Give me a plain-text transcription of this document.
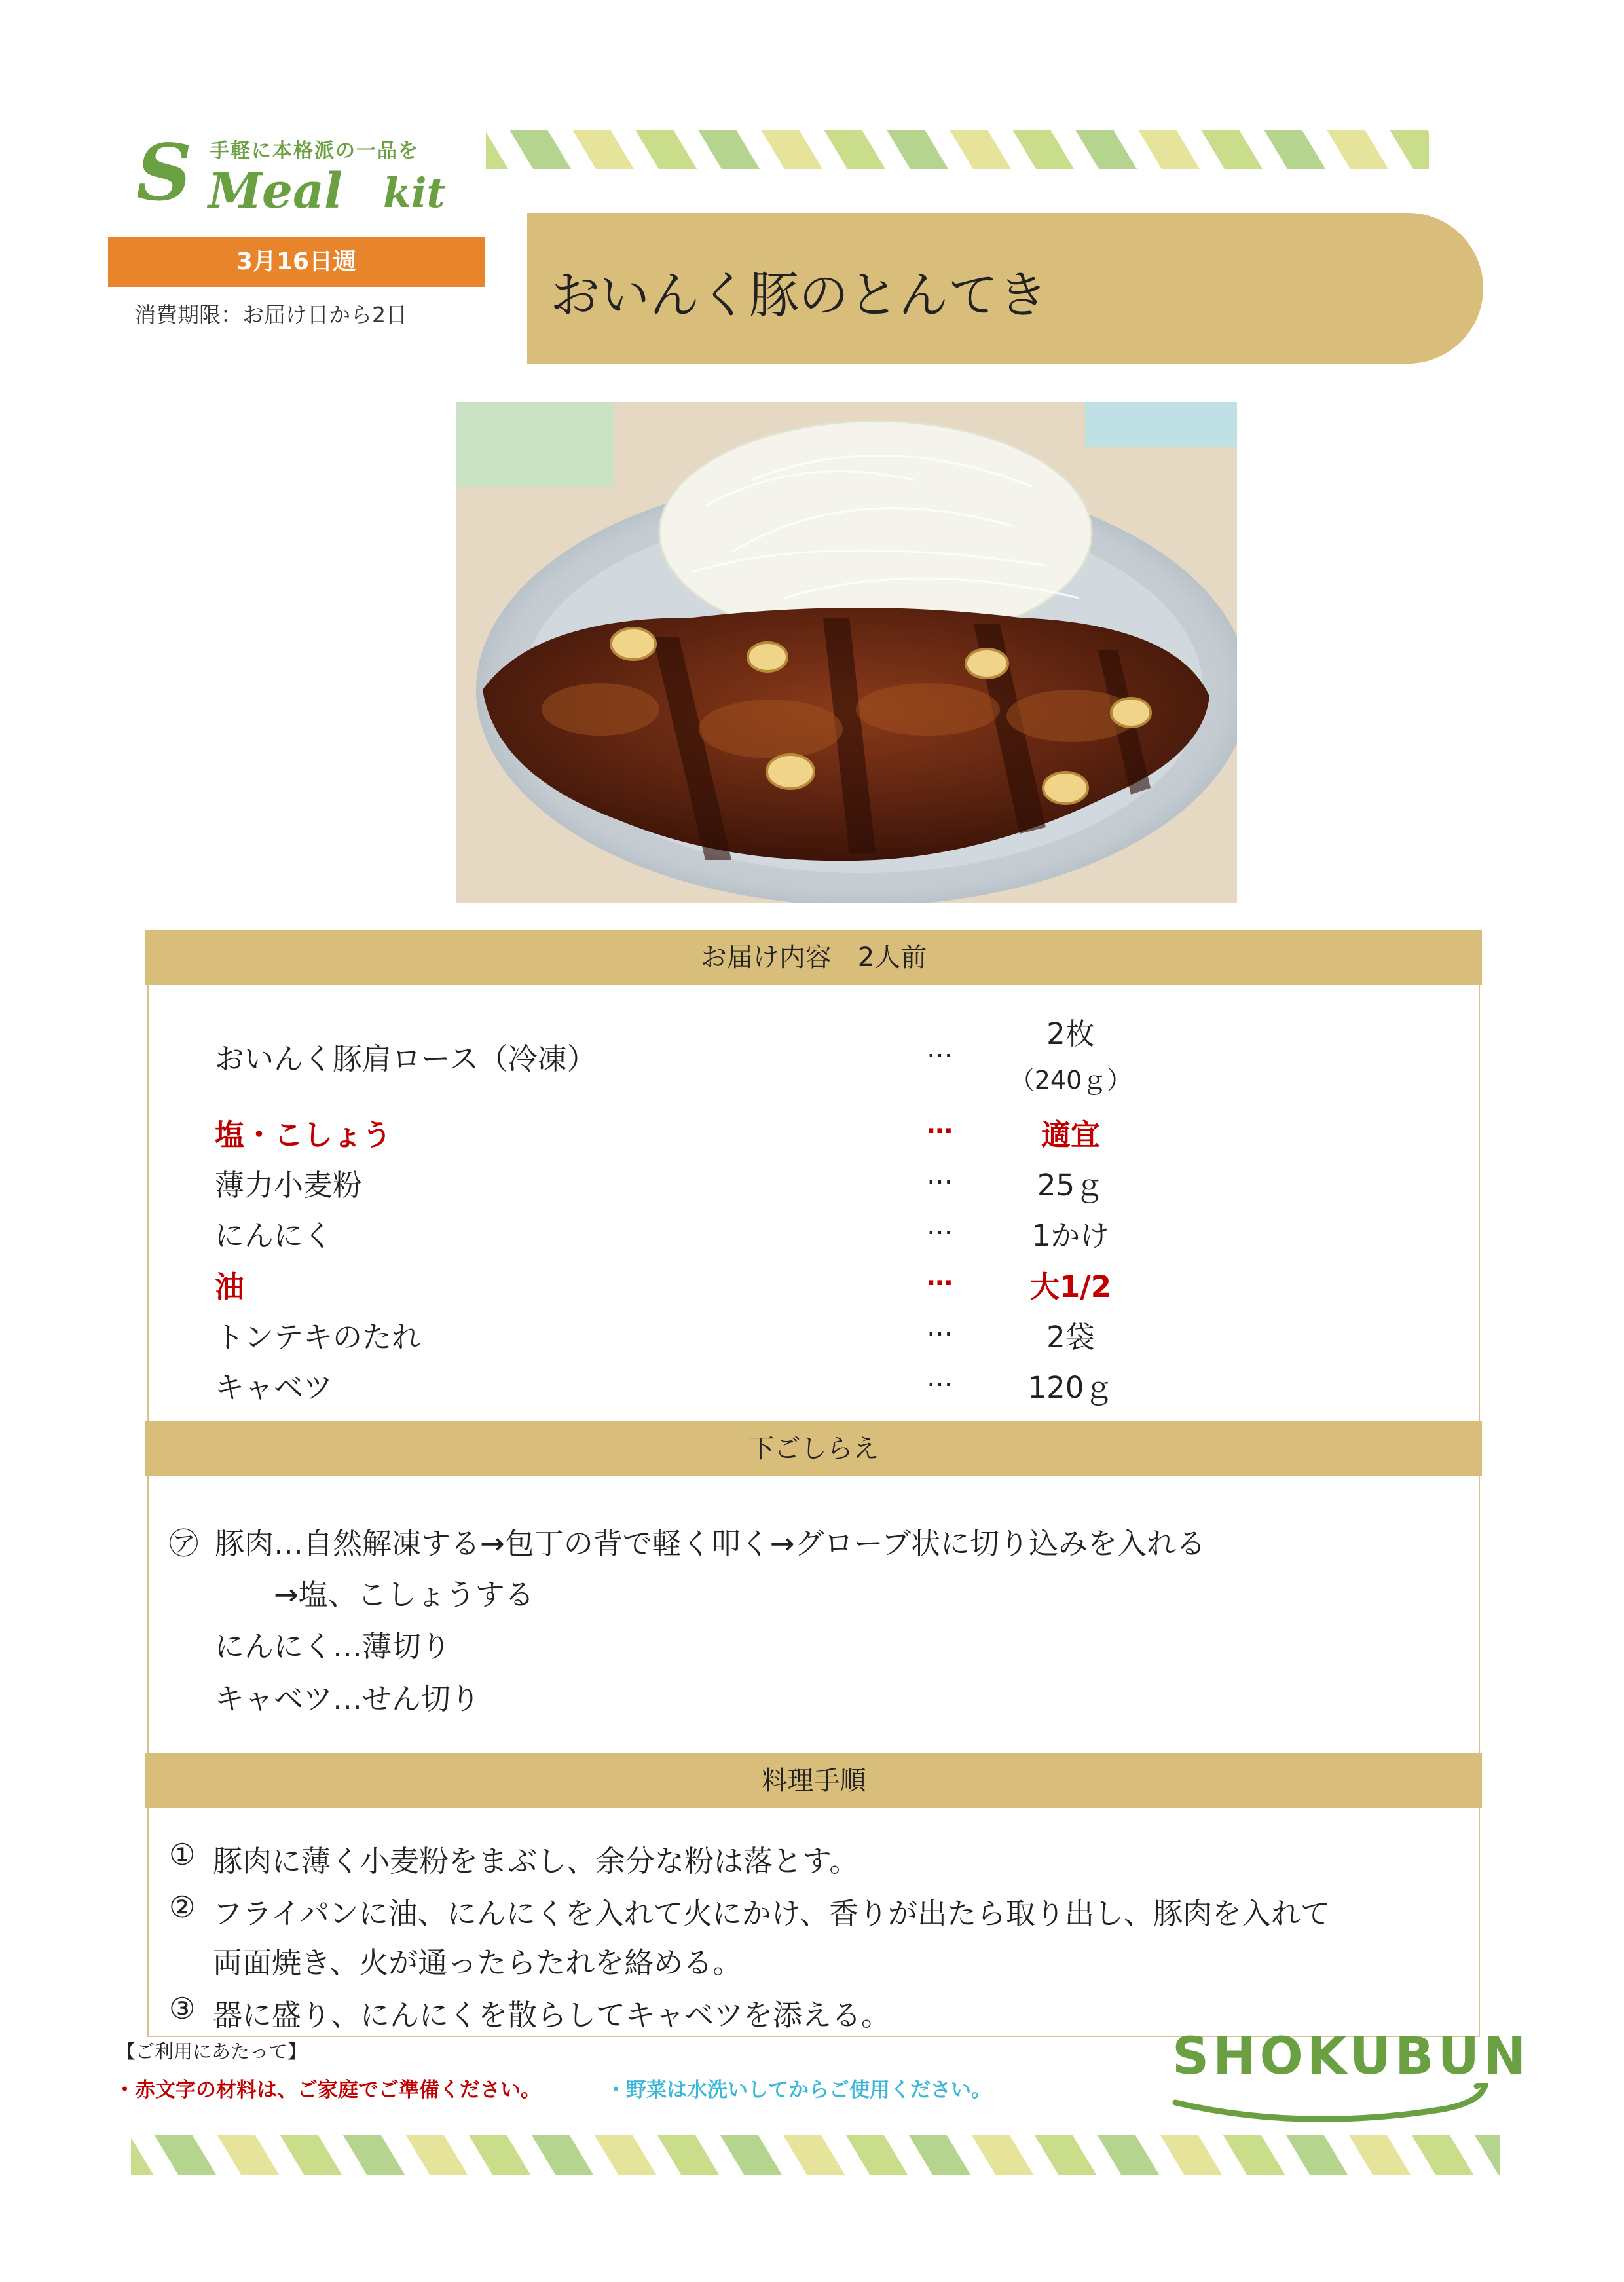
S 手軽に本格派の一品を
Meal kit
3月16日週
消費期限：お届け日から2日	おいんく豚のとんてき
お届け内容　2人前
おいんく豚肩ロース（冷凍）	…	2枚
（240ｇ）
塩・こしょう	…	適宜
薄力小麦粉	…	25ｇ
にんにく	…	1かけ
油	…	大1/2
トンテキのたれ	…	2袋
キャベツ	…	120ｇ
下ごしらえ
㋐ 豚肉…自然解凍する→包丁の背で軽く叩く→グローブ状に切り込みを入れる
→塩、こしょうする
にんにく…薄切り
キャベツ…せん切り
料理手順
① 豚肉に薄く小麦粉をまぶし、余分な粉は落とす。
② フライパンに油、にんにくを入れて火にかけ、香りが出たら取り出し、豚肉を入れて
両面焼き、火が通ったらたれを絡める。
③ 器に盛り、にんにくを散らしてキャベツを添える。
【ご利用にあたって】
・赤文字の材料は、ご家庭でご準備ください。	・野菜は水洗いしてからご使用ください。
SHOKUBUN
